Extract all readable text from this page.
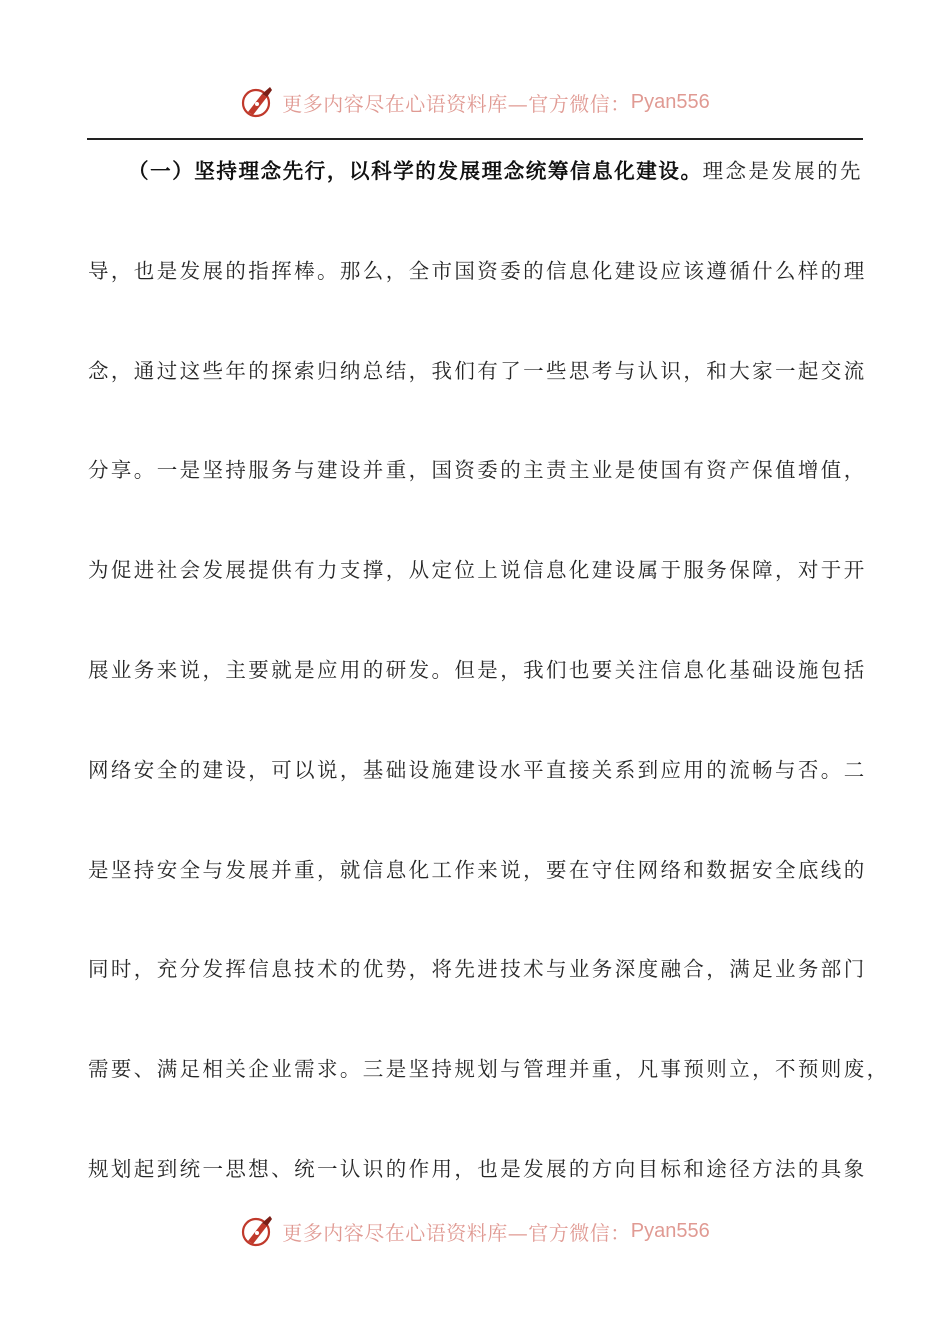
更多内容尽在心语资料库—官方微信： Pyan556
（一）坚持理念先行，以科学的发展理念统筹信息化建设。理念是发展的先
导，也是发展的指挥棒。那么，全市国资委的信息化建设应该遵循什么样的理
念，通过这些年的探索归纳总结，我们有了一些思考与认识，和大家一起交流
分享。一是坚持服务与建设并重，国资委的主责主业是使国有资产保值增值，
为促进社会发展提供有力支撑，从定位上说信息化建设属于服务保障，对于开
展业务来说，主要就是应用的研发。但是，我们也要关注信息化基础设施包括
网络安全的建设，可以说，基础设施建设水平直接关系到应用的流畅与否。二
是坚持安全与发展并重，就信息化工作来说，要在守住网络和数据安全底线的
同时，充分发挥信息技术的优势，将先进技术与业务深度融合，满足业务部门
需要、满足相关企业需求。三是坚持规划与管理并重，凡事预则立，不预则废，
规划起到统一思想、统一认识的作用，也是发展的方向目标和途径方法的具象
更多内容尽在心语资料库—官方微信： Pyan556
